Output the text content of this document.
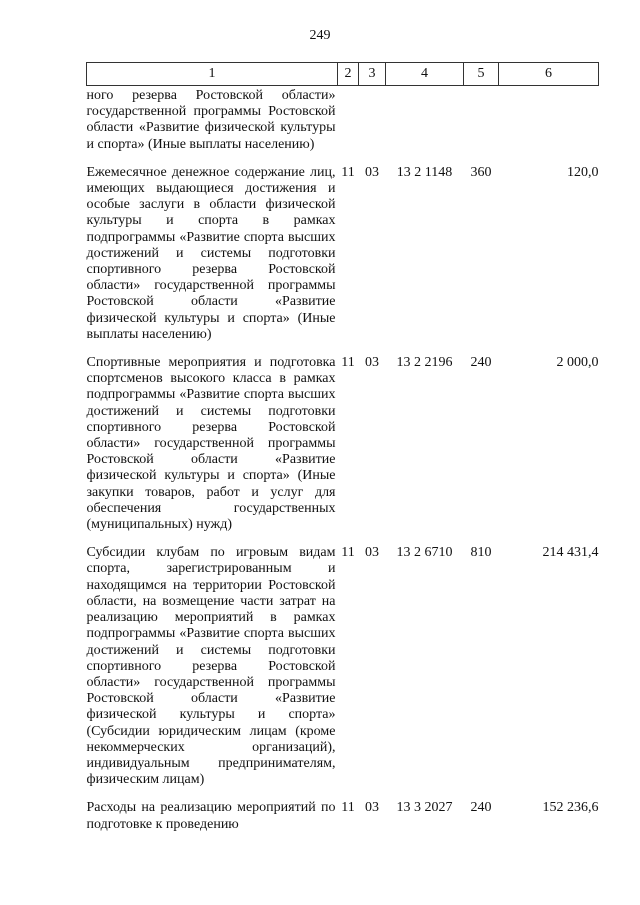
249
1	2	3	4	5	6
ного резерва Ростовской области» государственной программы Ростовской области «Развитие физической культуры и спорта» (Иные выплаты населению)					
Ежемесячное денежное содержание лиц, имеющих выдающиеся достижения и особые заслуги в области физической культуры и спорта в рамках подпрограммы «Развитие спорта высших достижений и системы подготовки спортивного резерва Ростовской области» государственной программы Ростовской области «Развитие физической культуры и спорта» (Иные выплаты населению)	11	03	13 2 1148	360	120,0
Спортивные мероприятия и подготовка спортсменов высокого класса в рамках подпрограммы «Развитие спорта высших достижений и системы подготовки спортивного резерва Ростовской области» государственной программы Ростовской области «Развитие физической культуры и спорта» (Иные закупки товаров, работ и услуг для обеспечения государственных (муниципальных) нужд)	11	03	13 2 2196	240	2 000,0
Субсидии клубам по игровым видам спорта, зарегистрированным и находящимся на территории Ростовской области, на возмещение части затрат на реализацию мероприятий в рамках подпрограммы «Развитие спорта высших достижений и системы подготовки спортивного резерва Ростовской области» государственной программы Ростовской области «Развитие физической культуры и спорта» (Субсидии юридическим лицам (кроме некоммерческих организаций), индивидуальным предпринимателям, физическим лицам)	11	03	13 2 6710	810	214 431,4
Расходы на реализацию мероприятий по подготовке к проведению	11	03	13 3 2027	240	152 236,6
